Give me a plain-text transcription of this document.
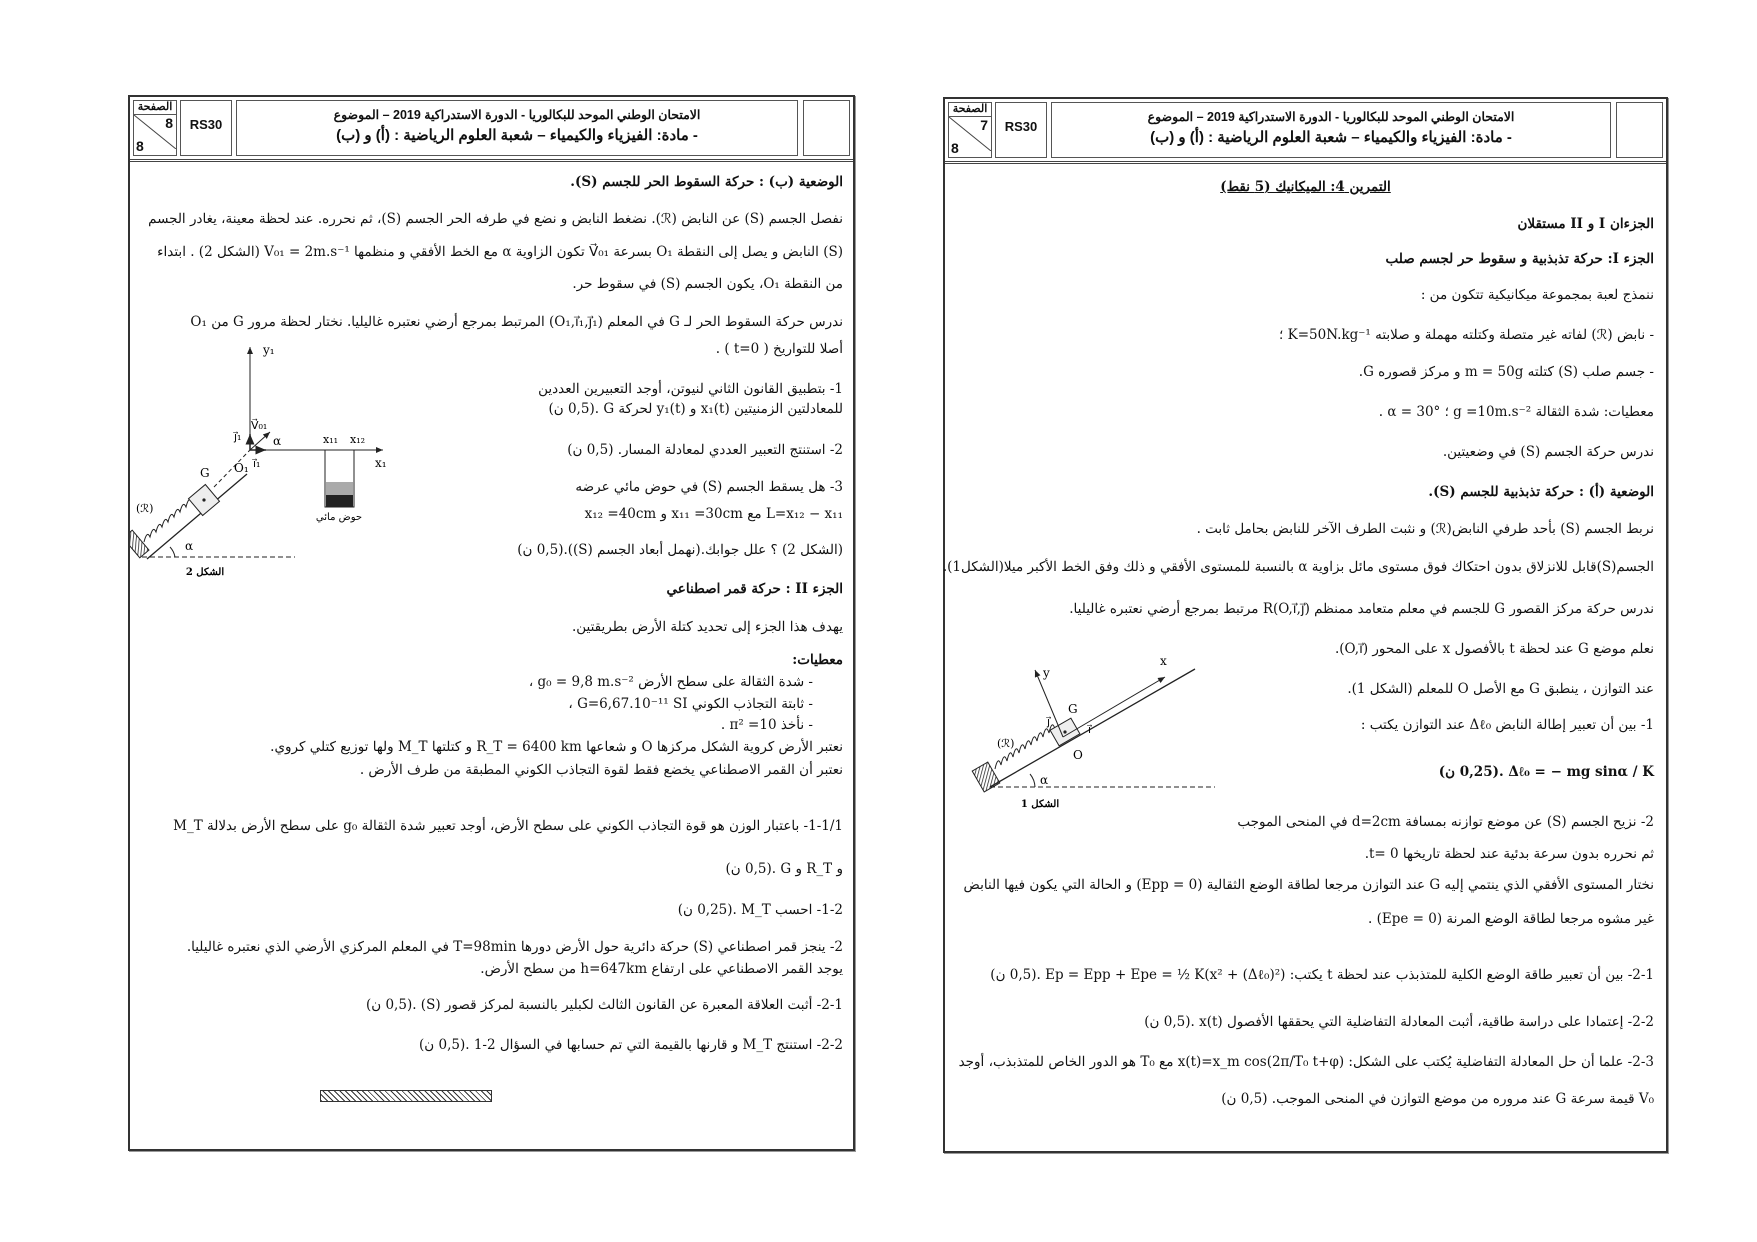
الصفحة
8
8
RS30
الامتحان الوطني الموحد للبكالوريا - الدورة الاستدراكية 2019 – الموضوع
- مادة: الفيزياء والكيمياء – شعبة العلوم الرياضية : (أ) و (ب)
الوضعية (ب) : حركة السقوط الحر للجسم (S).
نفصل الجسم (S) عن النابض (ℛ). نضغط النابض و نضع في طرفه الحر الجسم (S)، ثم نحرره. عند لحظة معينة، يغادر الجسم
(S) النابض و يصل إلى النقطة O₁ بسرعة V⃗₀₁ تكون الزاوية α مع الخط الأفقي و منظمها V₀₁ = 2m.s⁻¹ (الشكل 2) . ابتداء
من النقطة O₁، يكون الجسم (S) في سقوط حر.
ندرس حركة السقوط الحر لـ G في المعلم (O₁,i⃗₁,j⃗₁) المرتبط بمرجع أرضي نعتبره غاليليا. نختار لحظة مرور G من O₁
أصلا للتواريخ ( t=0 ) .
1- بتطبيق القانون الثاني لنيوتن، أوجد التعبيرين العددين
للمعادلتين الزمنيتين x₁(t) و y₁(t) لحركة G .(0,5 ن)
2- استنتج التعبير العددي لمعادلة المسار. (0,5 ن)
3- هل يسقط الجسم (S) في حوض مائي عرضه
L=x₁₂ − x₁₁ مع x₁₁ =30cm و x₁₂ =40cm
(الشكل 2) ؟ علل جوابك.(نهمل أبعاد الجسم (S)).(0,5 ن)
الجزء II : حركة قمر اصطناعي
يهدف هذا الجزء إلى تحديد كتلة الأرض بطريقتين.
معطيات:
- شدة الثقالة على سطح الأرض g₀ = 9,8 m.s⁻² ،
- ثابتة التجاذب الكوني G=6,67.10⁻¹¹ SI ،
- نأخذ π² =10 .
نعتبر الأرض كروية الشكل مركزها O و شعاعها R_T = 6400 km و كتلتها M_T ولها توزيع كتلي كروي.
نعتبر أن القمر الاصطناعي يخضع فقط لقوة التجاذب الكوني المطبقة من طرف الأرض .
1-1/1- باعتبار الوزن هو قوة التجاذب الكوني على سطح الأرض، أوجد تعبير شدة الثقالة g₀ على سطح الأرض بدلالة M_T
و R_T و G .(0,5 ن)
1-2- احسب M_T .(0,25 ن)
2- ينجز قمر اصطناعي (S) حركة دائرية حول الأرض دورها T=98min في المعلم المركزي الأرضي الذي نعتبره غاليليا.
يوجد القمر الاصطناعي على ارتفاع h=647km من سطح الأرض.
2-1- أثبت العلاقة المعبرة عن القانون الثالث لكبلير بالنسبة لمركز قصور (S) .(0,5 ن)
2-2- استنتج M_T و قارنها بالقيمة التي تم حسابها في السؤال 2-1 .(0,5 ن)
y₁
x₁
O₁ i⃗₁
j⃗₁
V⃗₀₁
α
α
G
(ℛ)
x₁₁ x₁₂
حوض مائي
الشكل 2
الصفحة
7
8
RS30
الامتحان الوطني الموحد للبكالوريا - الدورة الاستدراكية 2019 – الموضوع
- مادة: الفيزياء والكيمياء – شعبة العلوم الرياضية : (أ) و (ب)
التمرين 4: الميكانيك (5 نقط)
الجزءان I و II مستقلان
الجزء I: حركة تذبذبية و سقوط حر لجسم صلب
ننمذج لعبة بمجموعة ميكانيكية تتكون من :
- نابض (ℛ) لفاته غير متصلة وكتلته مهملة و صلابته K=50N.kg⁻¹ ؛
- جسم صلب (S) كتلته m = 50g و مركز قصوره G.
معطيات: شدة الثقالة g =10m.s⁻² ؛ α = 30° .
ندرس حركة الجسم (S) في وضعيتين.
الوضعية (أ) : حركة تذبذبية للجسم (S).
نربط الجسم (S) بأحد طرفي النابض(ℛ) و نثبت الطرف الآخر للنابض بحامل ثابت .
الجسم(S)قابل للانزلاق بدون احتكاك فوق مستوى مائل بزاوية α بالنسبة للمستوى الأفقي و ذلك وفق الخط الأكبر ميلا(الشكل1).
ندرس حركة مركز القصور G للجسم في معلم متعامد ممنظم R(O,i⃗,j⃗) مرتبط بمرجع أرضي نعتبره غاليليا.
نعلم موضع G عند لحظة t بالأفصول x على المحور (O,i⃗).
عند التوازن ، ينطبق G مع الأصل O للمعلم (الشكل 1).
1- بين أن تعبير إطالة النابض Δℓ₀ عند التوازن يكتب :
Δℓ₀ = − mg sinα / K .(0,25 ن)
2- نزيح الجسم (S) عن موضع توازنه بمسافة d=2cm في المنحى الموجب
ثم نحرره بدون سرعة بدئية عند لحظة تاريخها t= 0.
نختار المستوى الأفقي الذي ينتمي إليه G عند التوازن مرجعا لطاقة الوضع الثقالية (Epp = 0) و الحالة التي يكون فيها النابض
غير مشوه مرجعا لطاقة الوضع المرنة (Epe = 0) .
2-1- بين أن تعبير طاقة الوضع الكلية للمتذبذب عند لحظة t يكتب: Ep = Epp + Epe = ½ K(x² + (Δℓ₀)²) .(0,5 ن)
2-2- إعتمادا على دراسة طاقية، أثبت المعادلة التفاضلية التي يحققها الأفصول x(t) .(0,5 ن)
2-3- علما أن حل المعادلة التفاضلية يُكتب على الشكل: x(t)=x_m cos(2π/T₀ t+φ) مع T₀ هو الدور الخاص للمتذبذب، أوجد
V₀ قيمة سرعة G عند مروره من موضع التوازن في المنحى الموجب. (0,5 ن)
x
y
G
O
i⃗
j⃗
α
(ℛ)
الشكل 1
